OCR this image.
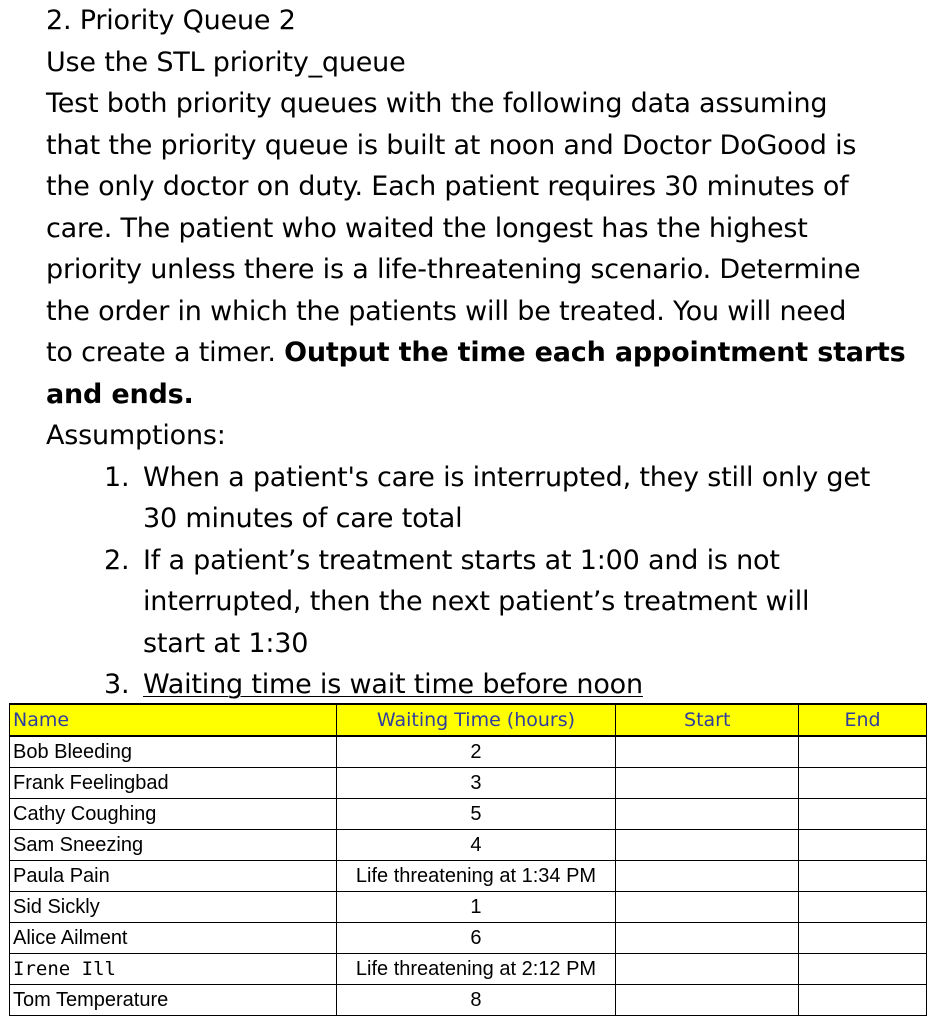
2. Priority Queue 2
Use the STL priority_queue
Test both priority queues with the following data assuming
that the priority queue is built at noon and Doctor DoGood is
the only doctor on duty. Each patient requires 30 minutes of
care. The patient who waited the longest has the highest
priority unless there is a life-threatening scenario. Determine
the order in which the patients will be treated. You will need
to create a timer. Output the time each appointment starts
and ends.
Assumptions:
1. When a patient's care is interrupted, they still only get
30 minutes of care total
2. If a patient’s treatment starts at 1:00 and is not
interrupted, then the next patient’s treatment will
start at 1:30
3. Waiting time is wait time before noon
Name	Waiting Time (hours)	Start	End
Bob Bleeding	2		
Frank Feelingbad	3		
Cathy Coughing	5		
Sam Sneezing	4		
Paula Pain	Life threatening at 1:34 PM		
Sid Sickly	1		
Alice Ailment	6		
Irene Ill	Life threatening at 2:12 PM		
Tom Temperature	8		
